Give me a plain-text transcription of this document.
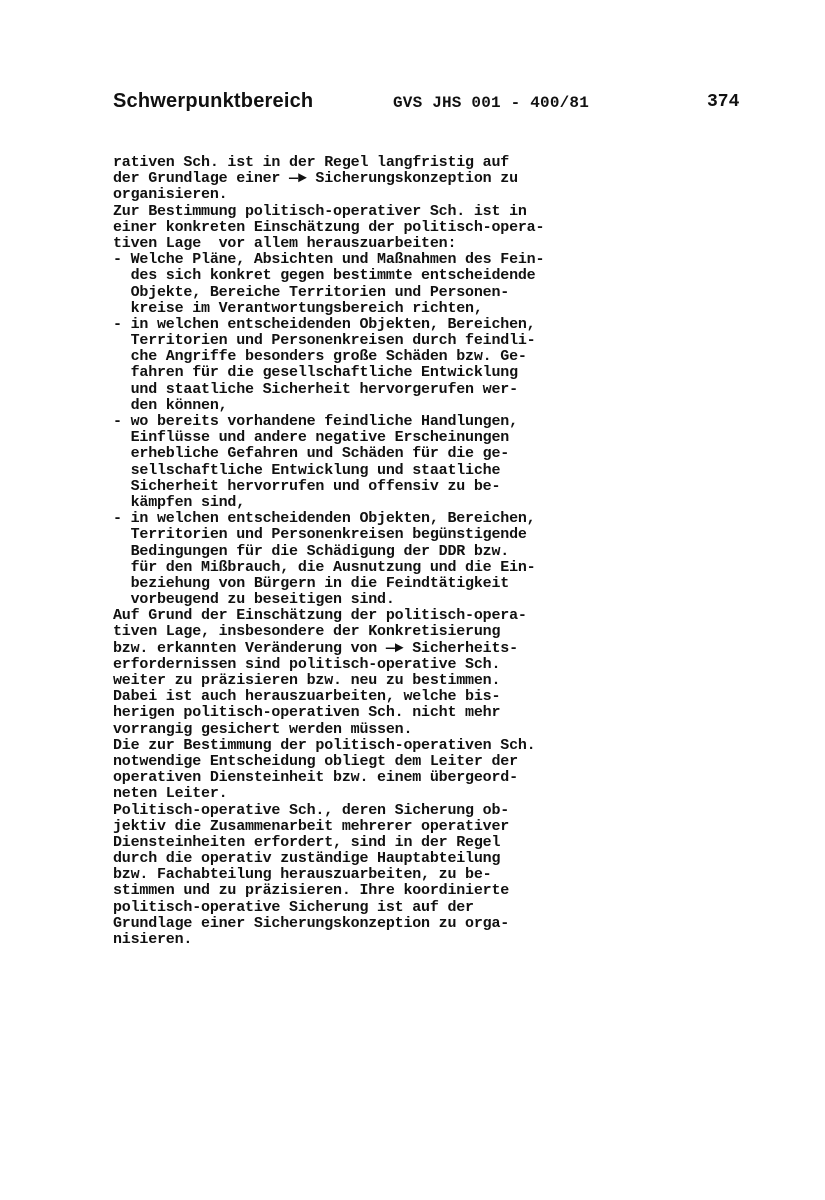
Schwerpunktbereich	GVS JHS 001 - 400/81	374
rativen Sch. ist in der Regel langfristig auf
der Grundlage einer —► Sicherungskonzeption zu
organisieren.
Zur Bestimmung politisch-operativer Sch. ist in
einer konkreten Einschätzung der politisch-opera-
tiven Lage  vor allem herauszuarbeiten:
- Welche Pläne, Absichten und Maßnahmen des Fein-
des sich konkret gegen bestimmte entscheidende
Objekte, Bereiche Territorien und Personen-
kreise im Verantwortungsbereich richten,
- in welchen entscheidenden Objekten, Bereichen,
Territorien und Personenkreisen durch feindli-
che Angriffe besonders große Schäden bzw. Ge-
fahren für die gesellschaftliche Entwicklung
und staatliche Sicherheit hervorgerufen wer-
den können,
- wo bereits vorhandene feindliche Handlungen,
Einflüsse und andere negative Erscheinungen
erhebliche Gefahren und Schäden für die ge-
sellschaftliche Entwicklung und staatliche
Sicherheit hervorrufen und offensiv zu be-
kämpfen sind,
- in welchen entscheidenden Objekten, Bereichen,
Territorien und Personenkreisen begünstigende
Bedingungen für die Schädigung der DDR bzw.
für den Mißbrauch, die Ausnutzung und die Ein-
beziehung von Bürgern in die Feindtätigkeit
vorbeugend zu beseitigen sind.
Auf Grund der Einschätzung der politisch-opera-
tiven Lage, insbesondere der Konkretisierung
bzw. erkannten Veränderung von —► Sicherheits-
erfordernissen sind politisch-operative Sch.
weiter zu präzisieren bzw. neu zu bestimmen.
Dabei ist auch herauszuarbeiten, welche bis-
herigen politisch-operativen Sch. nicht mehr
vorrangig gesichert werden müssen.
Die zur Bestimmung der politisch-operativen Sch.
notwendige Entscheidung obliegt dem Leiter der
operativen Diensteinheit bzw. einem übergeord-
neten Leiter.
Politisch-operative Sch., deren Sicherung ob-
jektiv die Zusammenarbeit mehrerer operativer
Diensteinheiten erfordert, sind in der Regel
durch die operativ zuständige Hauptabteilung
bzw. Fachabteilung herauszuarbeiten, zu be-
stimmen und zu präzisieren. Ihre koordinierte
politisch-operative Sicherung ist auf der
Grundlage einer Sicherungskonzeption zu orga-
nisieren.
